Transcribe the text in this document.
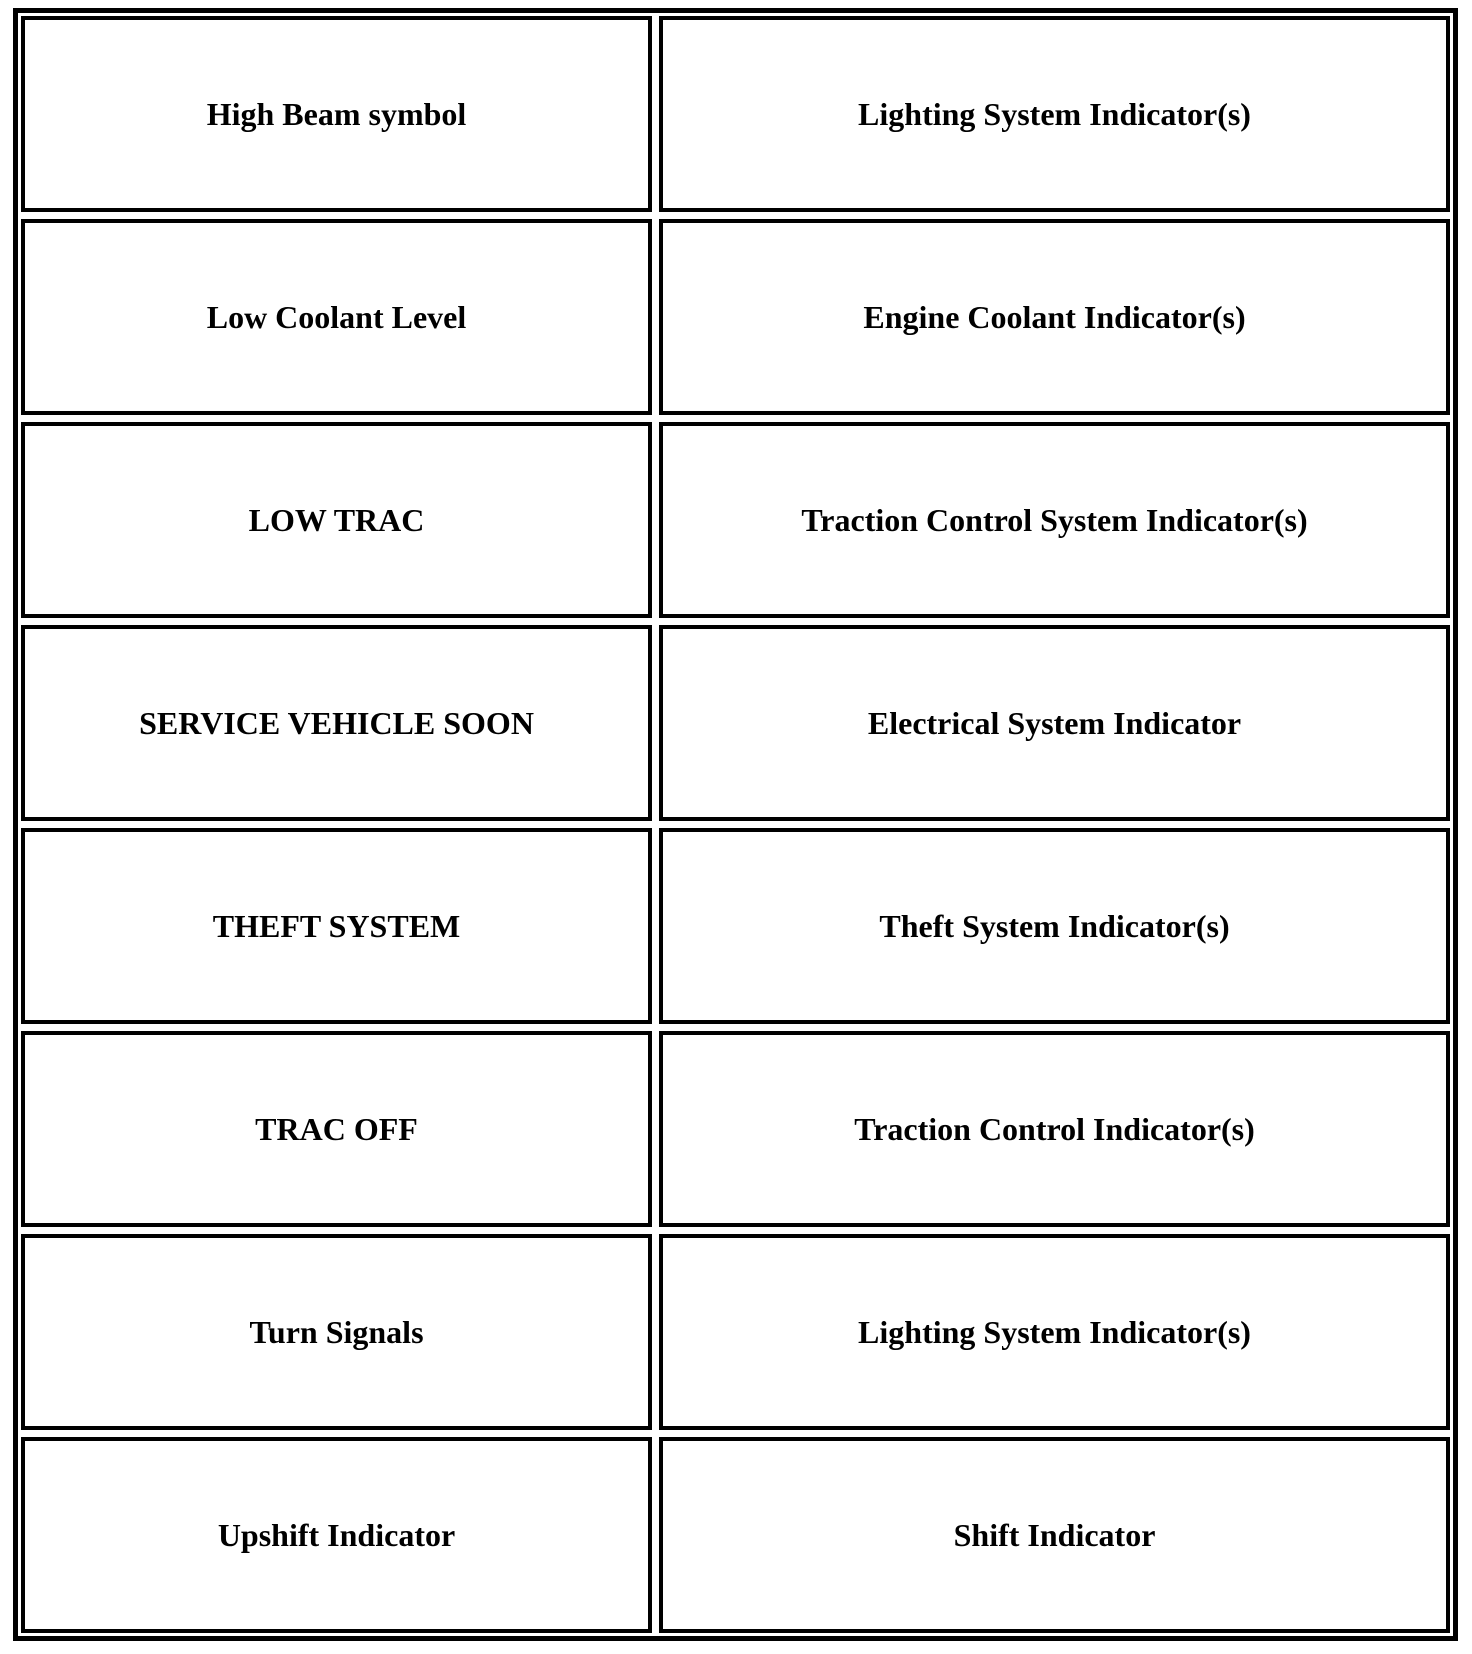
High Beam symbol	Lighting System Indicator(s)
Low Coolant Level	Engine Coolant Indicator(s)
LOW TRAC	Traction Control System Indicator(s)
SERVICE VEHICLE SOON	Electrical System Indicator
THEFT SYSTEM	Theft System Indicator(s)
TRAC OFF	Traction Control Indicator(s)
Turn Signals	Lighting System Indicator(s)
Upshift Indicator	Shift Indicator
